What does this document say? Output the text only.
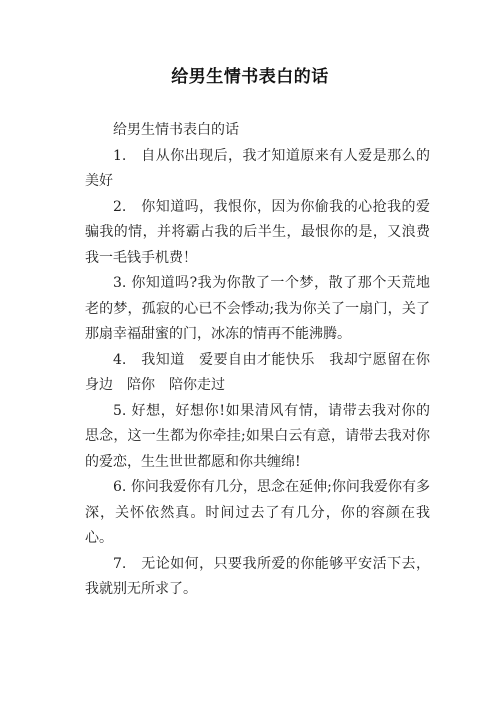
给男生情书表白的话

给男生情书表白的话

1.　自从你出现后，我才知道原来有人爱是那么的美好

2.　你知道吗，我恨你，因为你偷我的心抢我的爱骗我的情，并将霸占我的后半生，最恨你的是，又浪费我一毛钱手机费！

3. 你知道吗?我为你散了一个梦，散了那个天荒地老的梦，孤寂的心已不会悸动;我为你关了一扇门，关了那扇幸福甜蜜的门，冰冻的情再不能沸腾。

4.　我知道　爱要自由才能快乐　我却宁愿留在你身边　陪你　陪你走过

5. 好想，好想你!如果清风有情，请带去我对你的思念，这一生都为你牵挂;如果白云有意，请带去我对你的爱恋，生生世世都愿和你共缠绵!

6. 你问我爱你有几分，思念在延伸;你问我爱你有多深，关怀依然真。时间过去了有几分，你的容颜在我心。

7.　无论如何，只要我所爱的你能够平安活下去，我就别无所求了。
